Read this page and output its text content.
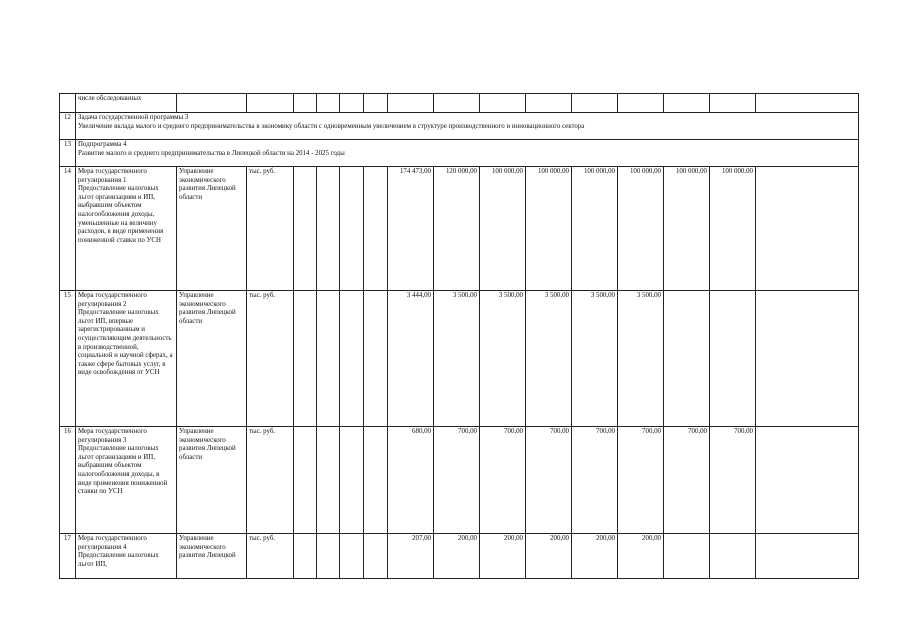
	числе обследованных															
12	Задача государственной программы 3
Увеличение вклада малого и среднего предпринимательства в экономику области с одновременным увеличением в структуре производственного и инновационного сектора															

13	Подпрограмма 4
Развитие малого и среднего предпринимательства в Липецкой области на 2014 - 2025 годы															

14	Мера государственного регулирования 1 Предоставление налоговых льгот организациям и ИП, выбравшим объектом налогообложения доходы, уменьшенные на величину расходов, в виде применения пониженной ставки по УСН	Управление экономического развития Липецкой области	тыс. руб.					174 473,00	120 000,00	100 000,00	100 000,00	100 000,00	100 000,00	100 000,00	100 000,00	
15	Мера государственного регулирования 2 Предоставление налоговых льгот ИП, впервые зарегистрированным и осуществляющим деятельность в производственной, социальной и научной сферах, а также сфере бытовых услуг, в виде освобождения от УСН	Управление экономического развития Липецкой области	тыс. руб.					3 444,00	3 500,00	3 500,00	3 500,00	3 500,00	3 500,00			
16	Мера государственного регулирования 3 Предоставление налоговых льгот организациям и ИП, выбравшим объектом налогообложения доходы, в виде применения пониженной ставки по УСН	Управление экономического развития Липецкой области	тыс. руб.					680,00	700,00	700,00	700,00	700,00	700,00	700,00	700,00	
17	Мера государственного регулирования 4 Предоставление налоговых льгот ИП,	Управление экономического развития Липецкой	тыс. руб.					207,00	200,00	200,00	200,00	200,00	200,00			
